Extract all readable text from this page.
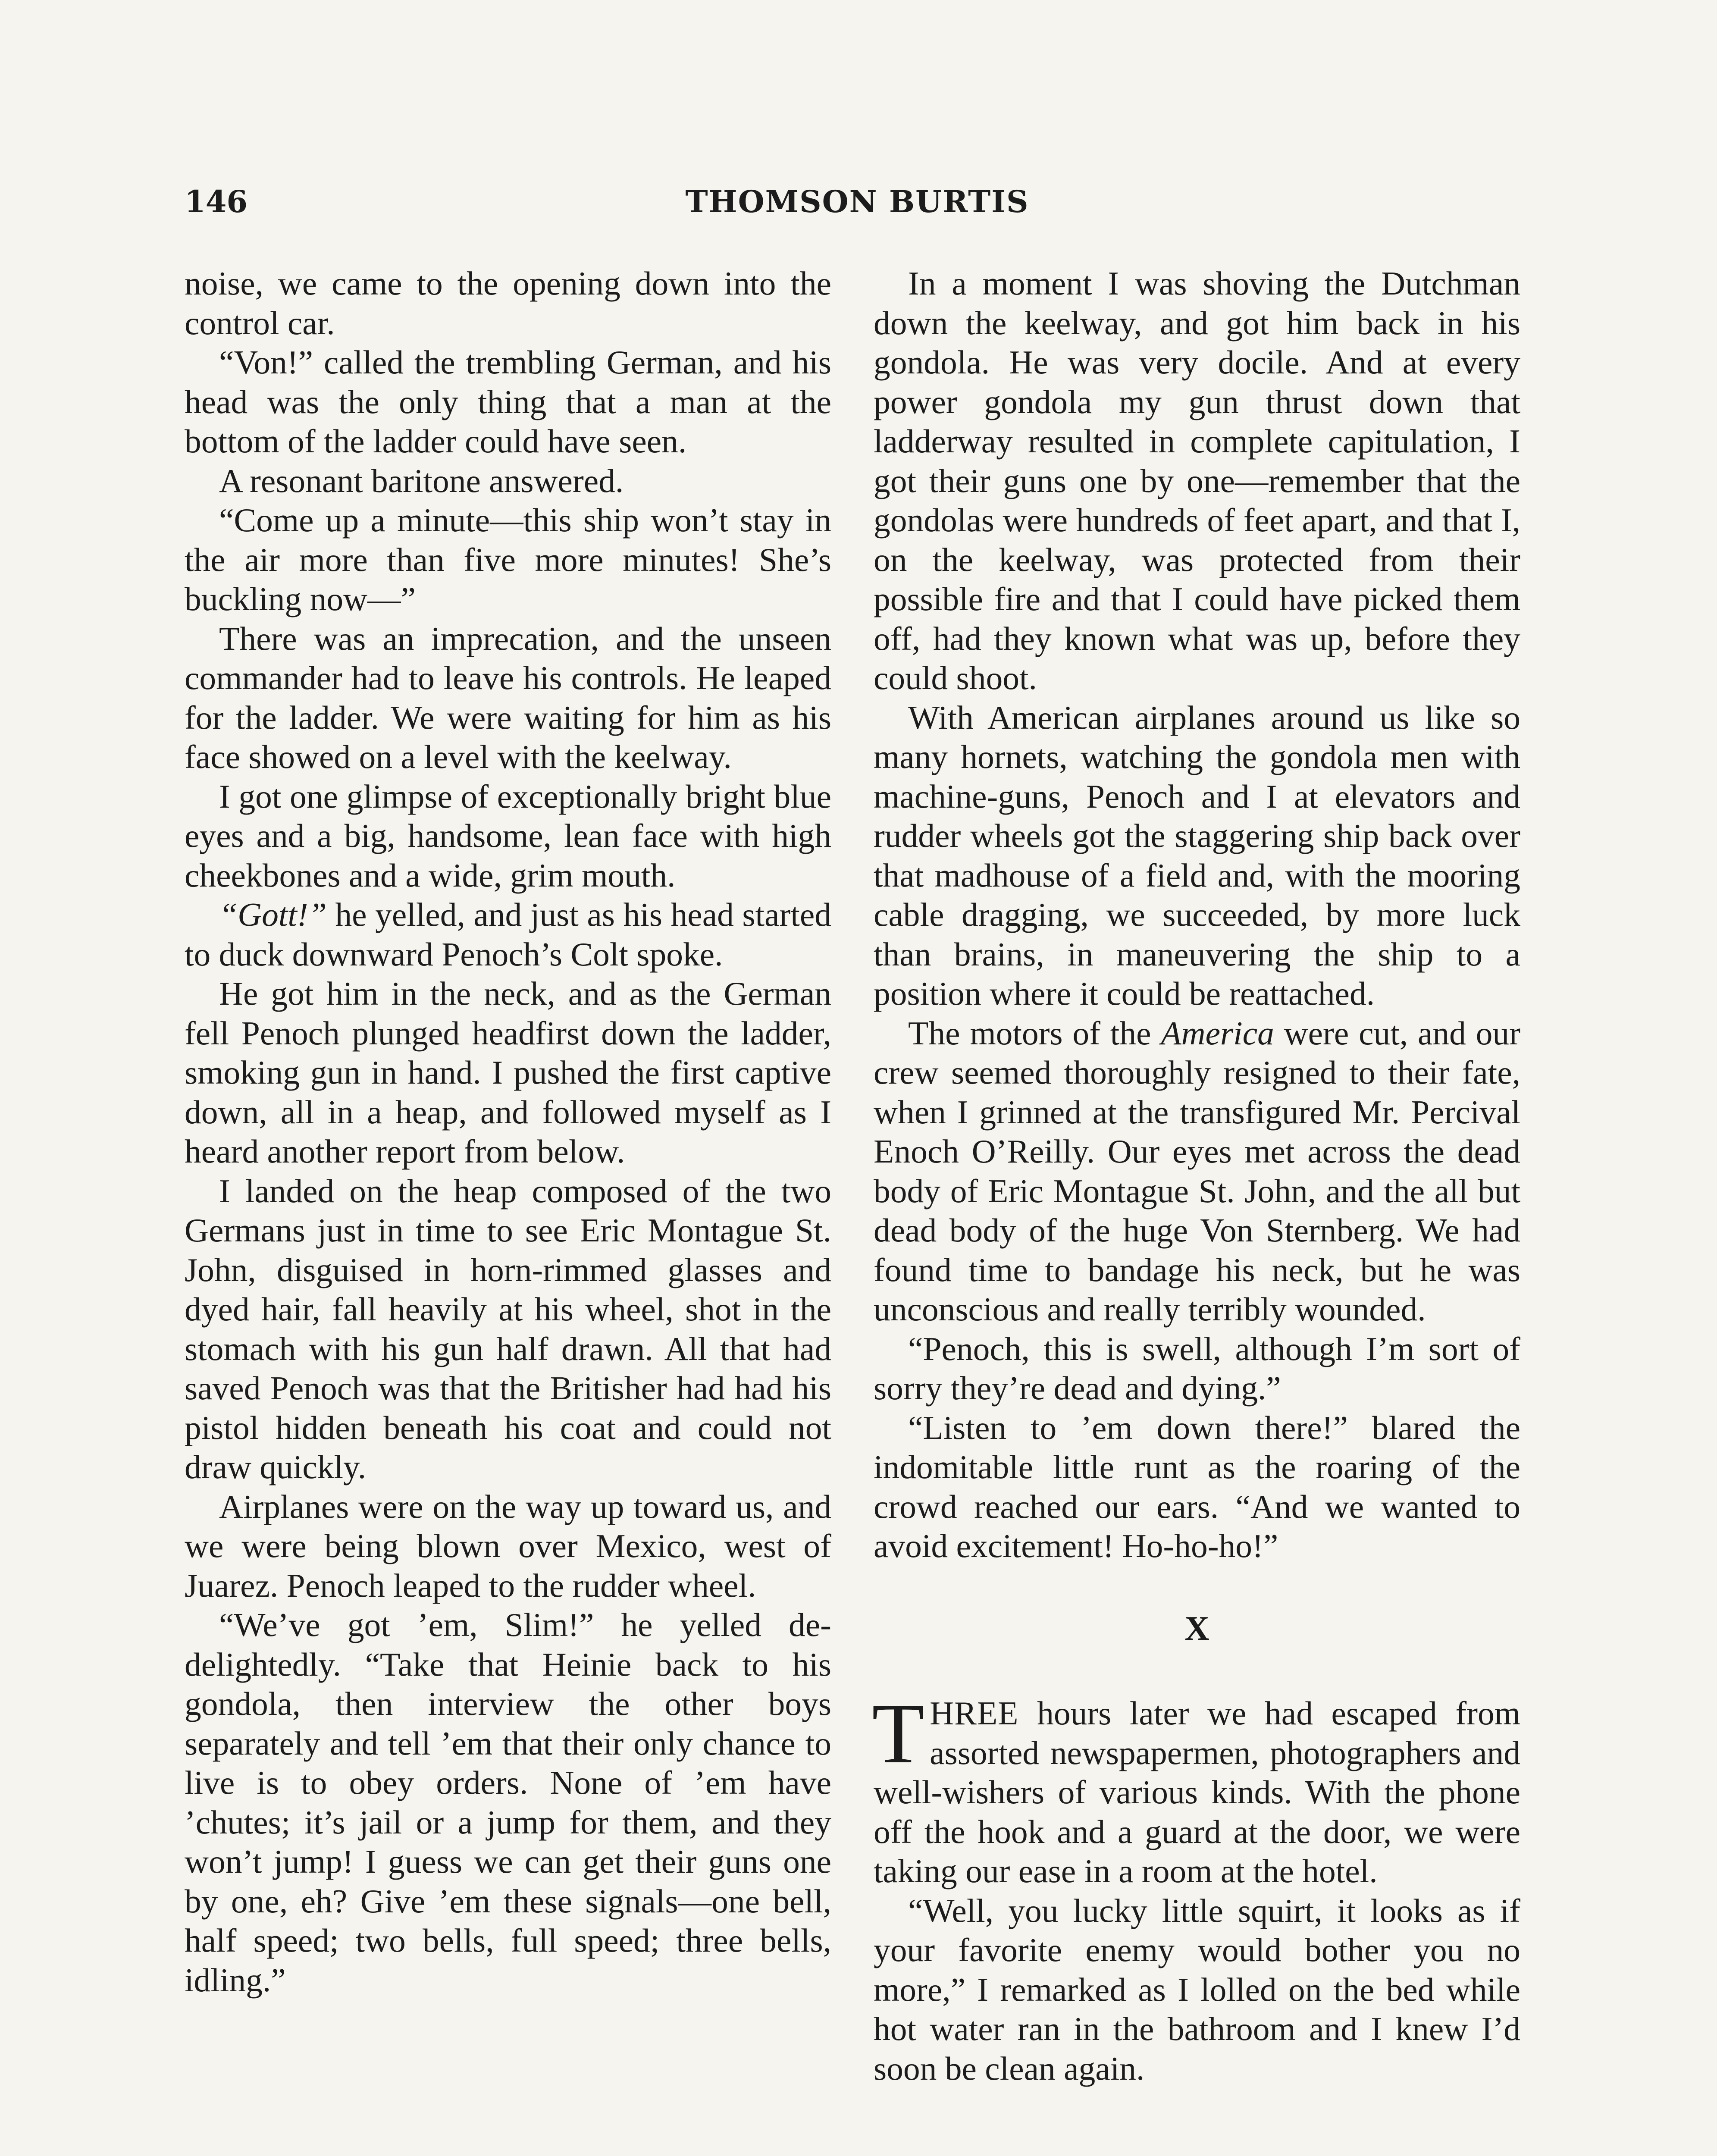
146	THOMSON BURTIS

noise, we came to the opening down into the control car.

“Von!” called the trembling German, and his head was the only thing that a man at the bottom of the ladder could have seen.

A resonant baritone answered.

“Come up a minute—this ship won’t stay in the air more than five more minutes! She’s buckling now—”

There was an imprecation, and the unseen commander had to leave his controls. He leaped for the ladder. We were waiting for him as his face showed on a level with the keelway.

I got one glimpse of exceptionally bright blue eyes and a big, handsome, lean face with high cheekbones and a wide, grim mouth.

“Gott!” he yelled, and just as his head started to duck downward Penoch’s Colt spoke.

He got him in the neck, and as the German fell Penoch plunged headfirst down the ladder, smoking gun in hand. I pushed the first captive down, all in a heap, and followed myself as I heard another report from below.

I landed on the heap composed of the two Germans just in time to see Eric Montague St. John, disguised in horn-rimmed glasses and dyed hair, fall heavily at his wheel, shot in the stomach with his gun half drawn. All that had saved Penoch was that the Britisher had had his pistol hidden beneath his coat and could not draw quickly.

Airplanes were on the way up toward us, and we were being blown over Mexico, west of Juarez. Penoch leaped to the rudder wheel.

“We’ve got ’em, Slim!” he yelled de-delightedly. “Take that Heinie back to his gondola, then interview the other boys separately and tell ’em that their only chance to live is to obey orders. None of ’em have ’chutes; it’s jail or a jump for them, and they won’t jump! I guess we can get their guns one by one, eh? Give ’em these signals—one bell, half speed; two bells, full speed; three bells, idling.”

In a moment I was shoving the Dutchman down the keelway, and got him back in his gondola. He was very docile. And at every power gondola my gun thrust down that ladderway resulted in complete capitulation, I got their guns one by one—remember that the gondolas were hundreds of feet apart, and that I, on the keelway, was protected from their possible fire and that I could have picked them off, had they known what was up, before they could shoot.

With American airplanes around us like so many hornets, watching the gondola men with machine-guns, Penoch and I at elevators and rudder wheels got the staggering ship back over that madhouse of a field and, with the mooring cable dragging, we succeeded, by more luck than brains, in maneuvering the ship to a position where it could be reattached.

The motors of the America were cut, and our crew seemed thoroughly resigned to their fate, when I grinned at the transfigured Mr. Percival Enoch O’Reilly. Our eyes met across the dead body of Eric Montague St. John, and the all but dead body of the huge Von Sternberg. We had found time to bandage his neck, but he was unconscious and really terribly wounded.

“Penoch, this is swell, although I’m sort of sorry they’re dead and dying.”

“Listen to ’em down there!” blared the indomitable little runt as the roaring of the crowd reached our ears. “And we wanted to avoid excitement! Ho-ho-ho!”

X

THREE hours later we had escaped from assorted newspapermen, photographers and well-wishers of various kinds. With the phone off the hook and a guard at the door, we were taking our ease in a room at the hotel.

“Well, you lucky little squirt, it looks as if your favorite enemy would bother you no more,” I remarked as I lolled on the bed while hot water ran in the bathroom and I knew I’d soon be clean again.
